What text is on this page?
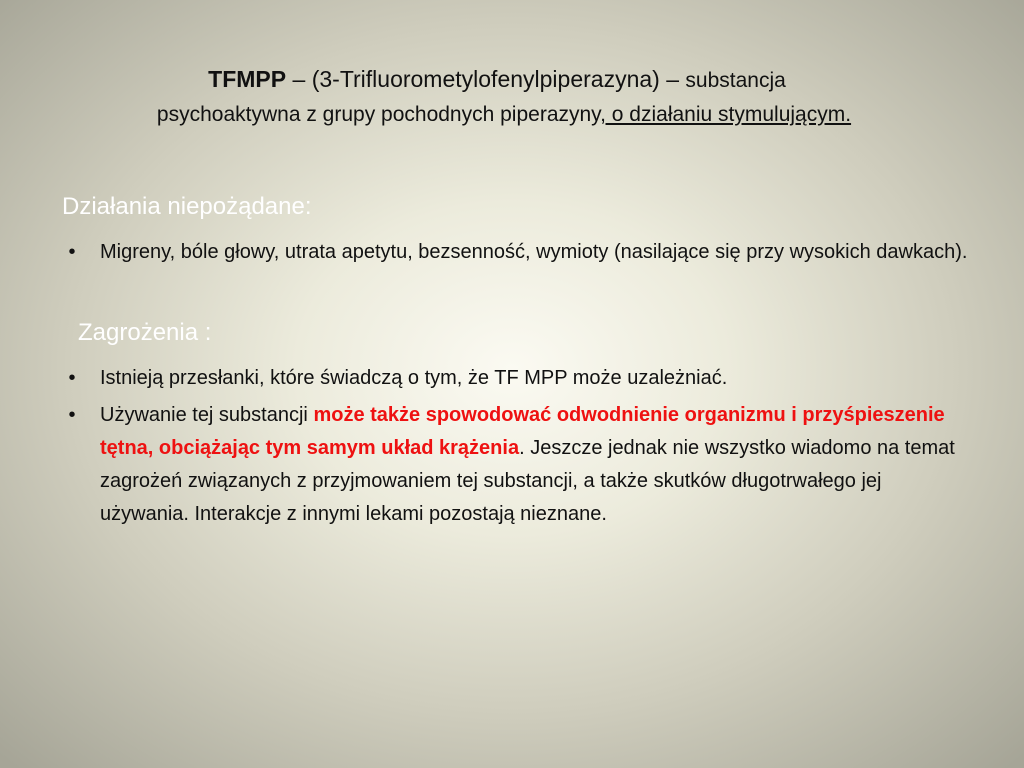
TFMPP – (3-Trifluorometylofenylpiperazyna) – substancja
psychoaktywna z grupy pochodnych piperazyny, o działaniu stymulującym.
Działania niepożądane:
•	Migreny, bóle głowy, utrata apetytu, bezsenność, wymioty (nasilające się przy wysokich dawkach).
Zagrożenia :
•	Istnieją przesłanki, które świadczą o tym, że TF MPP może uzależniać.
•	Używanie tej substancji może także spowodować odwodnienie organizmu i przyśpieszenie tętna, obciążając tym samym układ krążenia. Jeszcze jednak nie wszystko wiadomo na temat zagrożeń związanych z przyjmowaniem tej substancji, a także skutków długotrwałego jej używania. Interakcje z innymi lekami pozostają nieznane.
